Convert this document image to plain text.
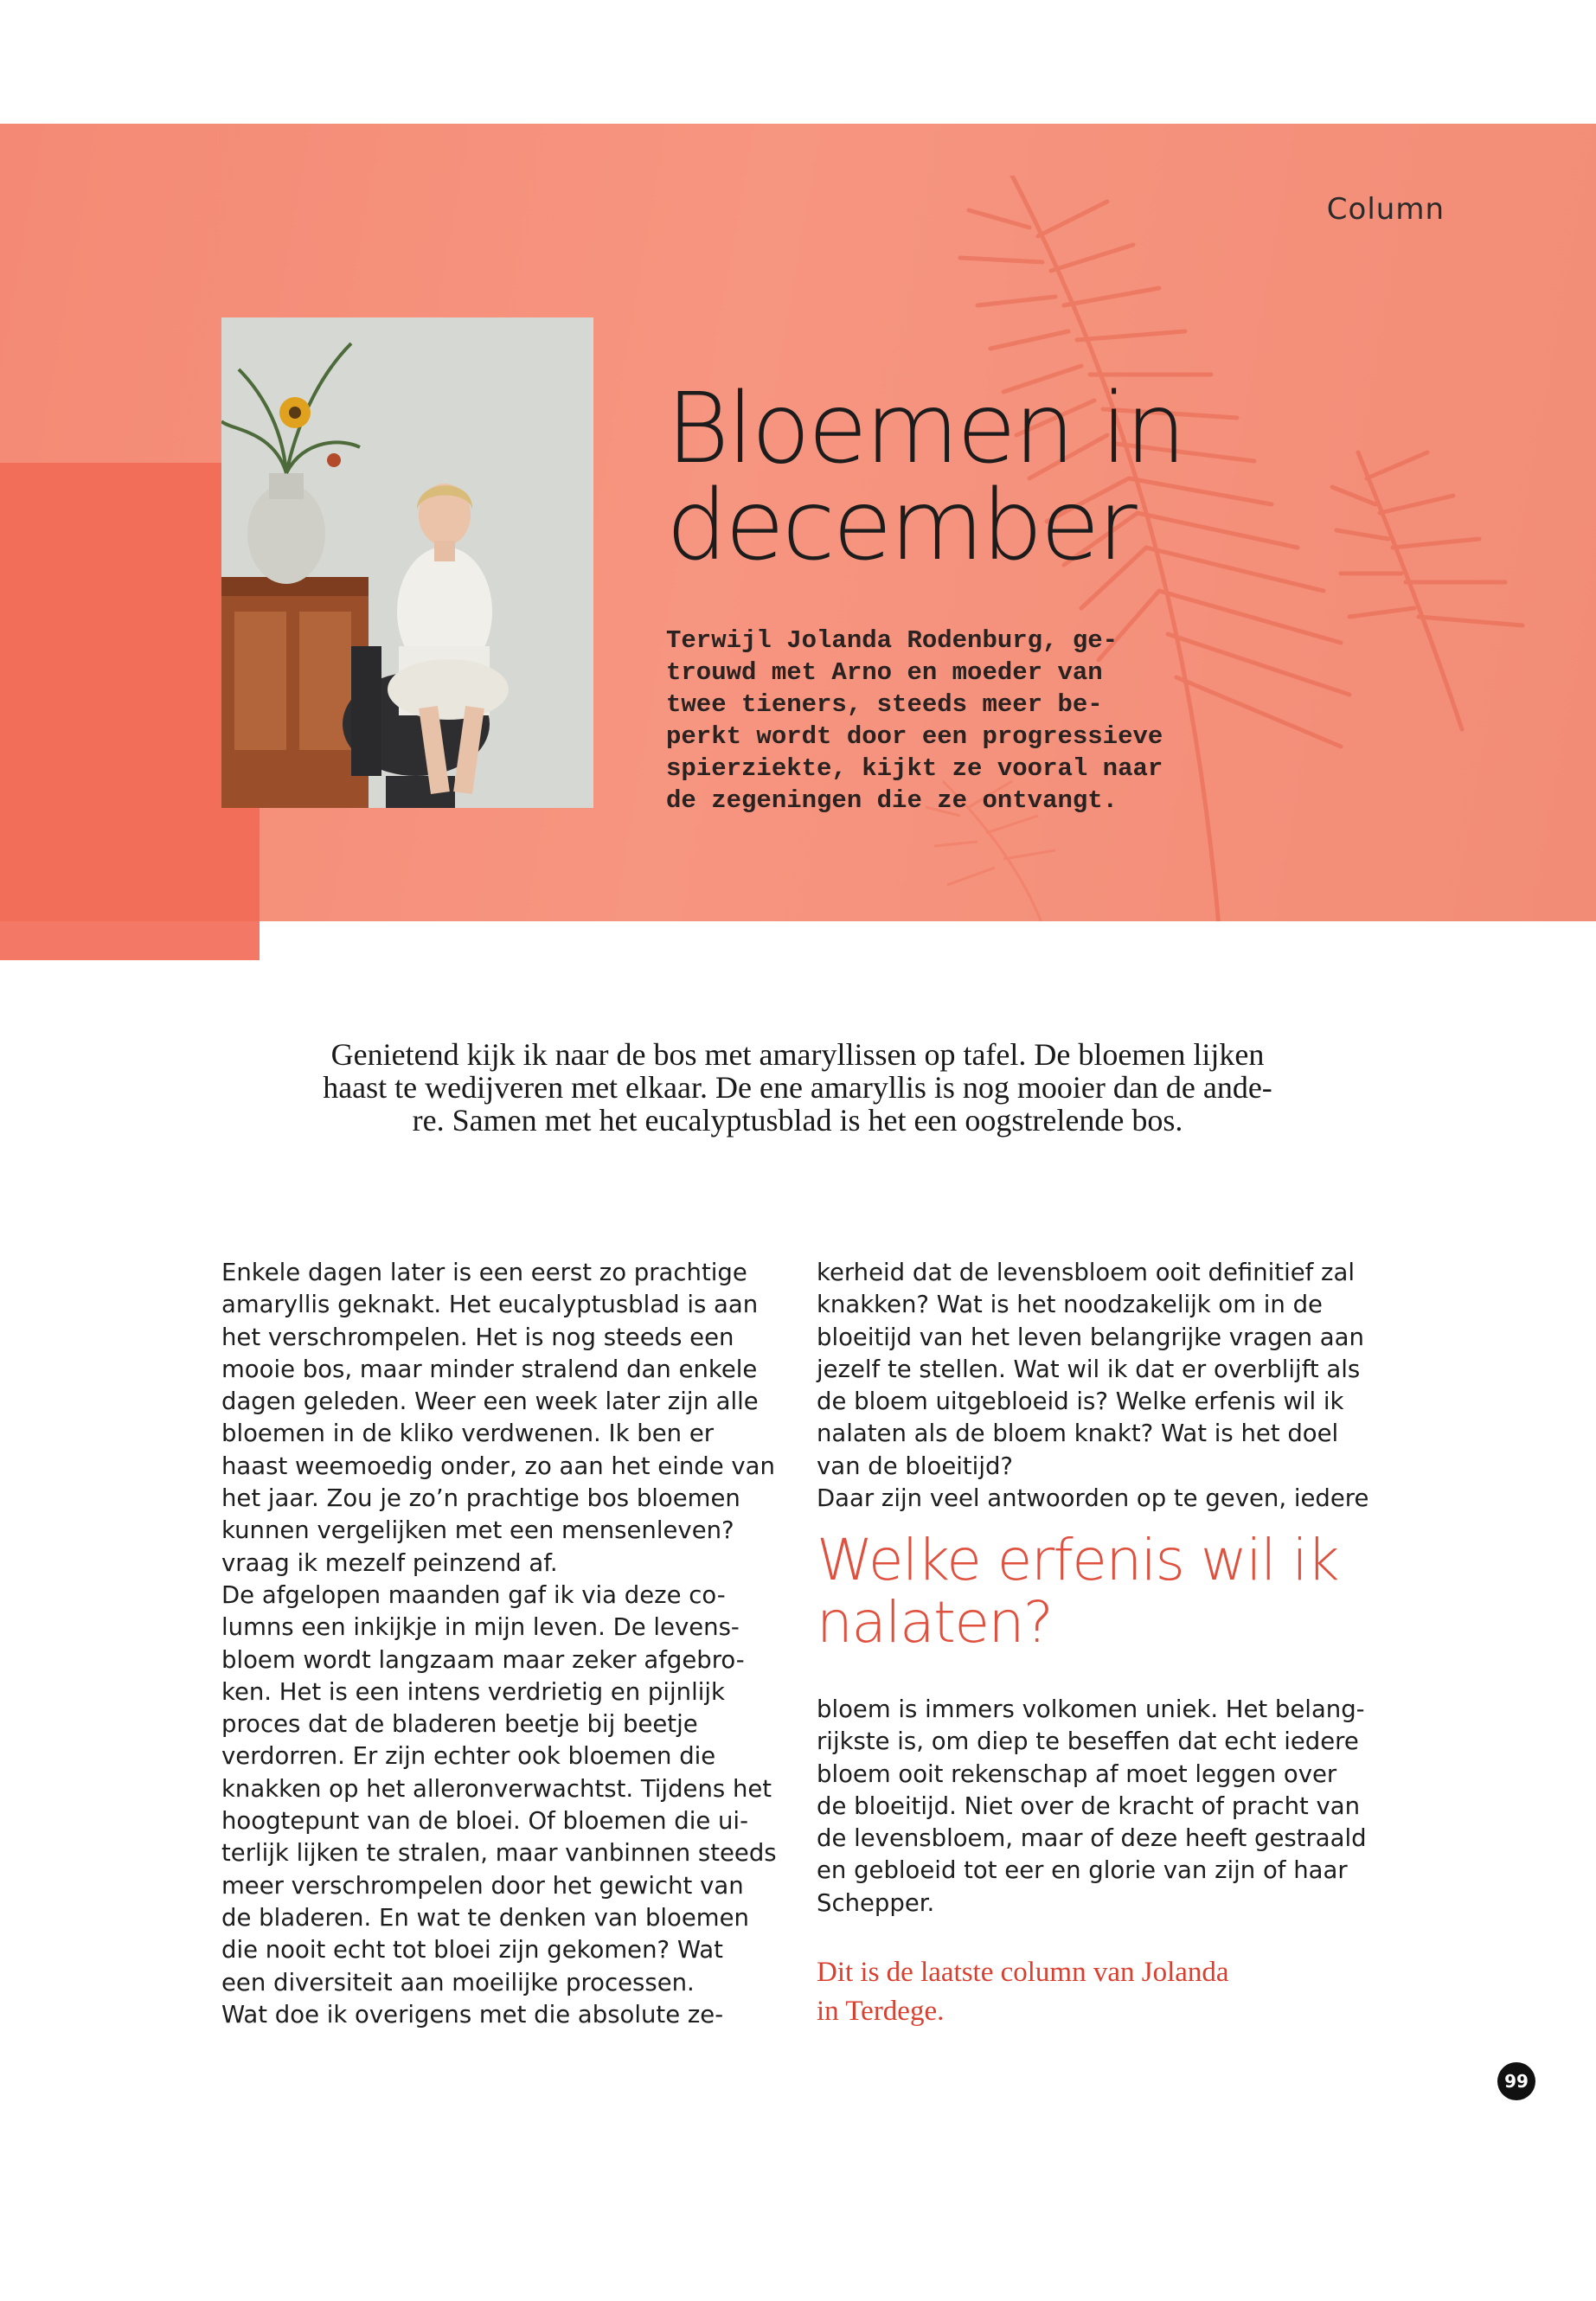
Column
Bloemen in december

Terwijl Jolanda Rodenburg, ge-
trouwd met Arno en moeder van
twee tieners, steeds meer be-
perkt wordt door een progressieve
spierziekte, kijkt ze vooral naar
de zegeningen die ze ontvangt.

Genietend kijk ik naar de bos met amaryllissen op tafel. De bloemen lijken
haast te wedijveren met elkaar. De ene amaryllis is nog mooier dan de ande-
re. Samen met het eucalyptusblad is het een oogstrelende bos.

Enkele dagen later is een eerst zo prachtige
amaryllis geknakt. Het eucalyptusblad is aan
het verschrompelen. Het is nog steeds een
mooie bos, maar minder stralend dan enkele
dagen geleden. Weer een week later zijn alle
bloemen in de kliko verdwenen. Ik ben er
haast weemoedig onder, zo aan het einde van
het jaar. Zou je zo’n prachtige bos bloemen
kunnen vergelijken met een mensenleven?
vraag ik mezelf peinzend af.
De afgelopen maanden gaf ik via deze co-
lumns een inkijkje in mijn leven. De levens-
bloem wordt langzaam maar zeker afgebro-
ken. Het is een intens verdrietig en pijnlijk
proces dat de bladeren beetje bij beetje
verdorren. Er zijn echter ook bloemen die
knakken op het alleronverwachtst. Tijdens het
hoogtepunt van de bloei. Of bloemen die ui-
terlijk lijken te stralen, maar vanbinnen steeds
meer verschrompelen door het gewicht van
de bladeren. En wat te denken van bloemen
die nooit echt tot bloei zijn gekomen? Wat
een diversiteit aan moeilijke processen.
Wat doe ik overigens met die absolute ze-

kerheid dat de levensbloem ooit definitief zal
knakken? Wat is het noodzakelijk om in de
bloeitijd van het leven belangrijke vragen aan
jezelf te stellen. Wat wil ik dat er overblijft als
de bloem uitgebloeid is? Welke erfenis wil ik
nalaten als de bloem knakt? Wat is het doel
van de bloeitijd?
Daar zijn veel antwoorden op te geven, iedere

Welke erfenis wil ik
nalaten?

bloem is immers volkomen uniek. Het belang-
rijkste is, om diep te beseffen dat echt iedere
bloem ooit rekenschap af moet leggen over
de bloeitijd. Niet over de kracht of pracht van
de levensbloem, maar of deze heeft gestraald
en gebloeid tot eer en glorie van zijn of haar
Schepper.

Dit is de laatste column van Jolanda
in Terdege.

99
